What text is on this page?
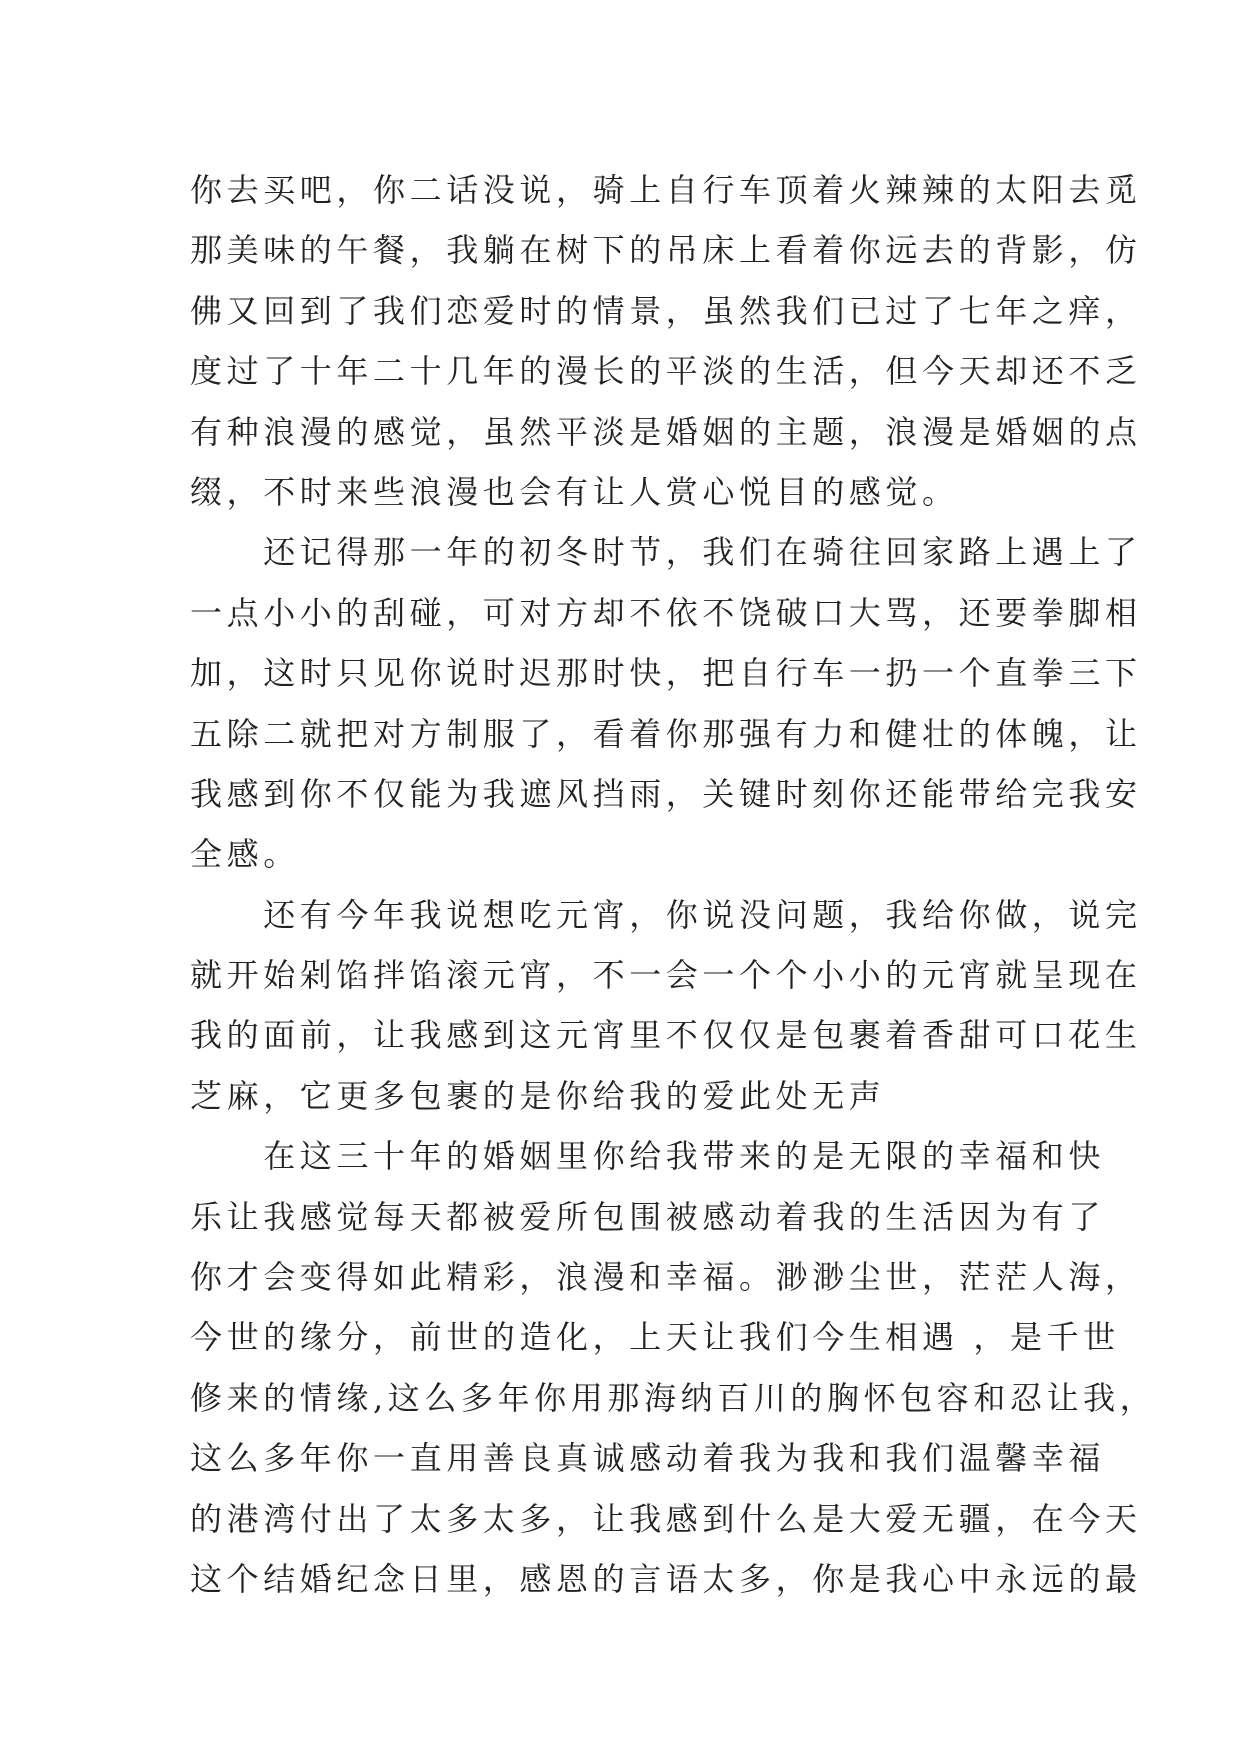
你去买吧，你二话没说，骑上自行车顶着火辣辣的太阳去觅
那美味的午餐，我躺在树下的吊床上看着你远去的背影，仿
佛又回到了我们恋爱时的情景，虽然我们已过了七年之痒，
度过了十年二十几年的漫长的平淡的生活，但今天却还不乏
有种浪漫的感觉，虽然平淡是婚姻的主题，浪漫是婚姻的点
缀，不时来些浪漫也会有让人赏心悦目的感觉。
　　还记得那一年的初冬时节，我们在骑往回家路上遇上了
一点小小的刮碰，可对方却不依不饶破口大骂，还要拳脚相
加，这时只见你说时迟那时快，把自行车一扔一个直拳三下
五除二就把对方制服了，看着你那强有力和健壮的体魄，让
我感到你不仅能为我遮风挡雨，关键时刻你还能带给完我安
全感。
　　还有今年我说想吃元宵，你说没问题，我给你做，说完
就开始剁馅拌馅滚元宵，不一会一个个小小的元宵就呈现在
我的面前，让我感到这元宵里不仅仅是包裹着香甜可口花生
芝麻，它更多包裹的是你给我的爱此处无声
　　在这三十年的婚姻里你给我带来的是无限的幸福和快
乐让我感觉每天都被爱所包围被感动着我的生活因为有了
你才会变得如此精彩，浪漫和幸福。渺渺尘世，茫茫人海，
今世的缘分，前世的造化，上天让我们今生相遇 ，是千世
修来的情缘,这么多年你用那海纳百川的胸怀包容和忍让我，
这么多年你一直用善良真诚感动着我为我和我们温馨幸福
的港湾付出了太多太多，让我感到什么是大爱无疆，在今天
这个结婚纪念日里，感恩的言语太多，你是我心中永远的最
